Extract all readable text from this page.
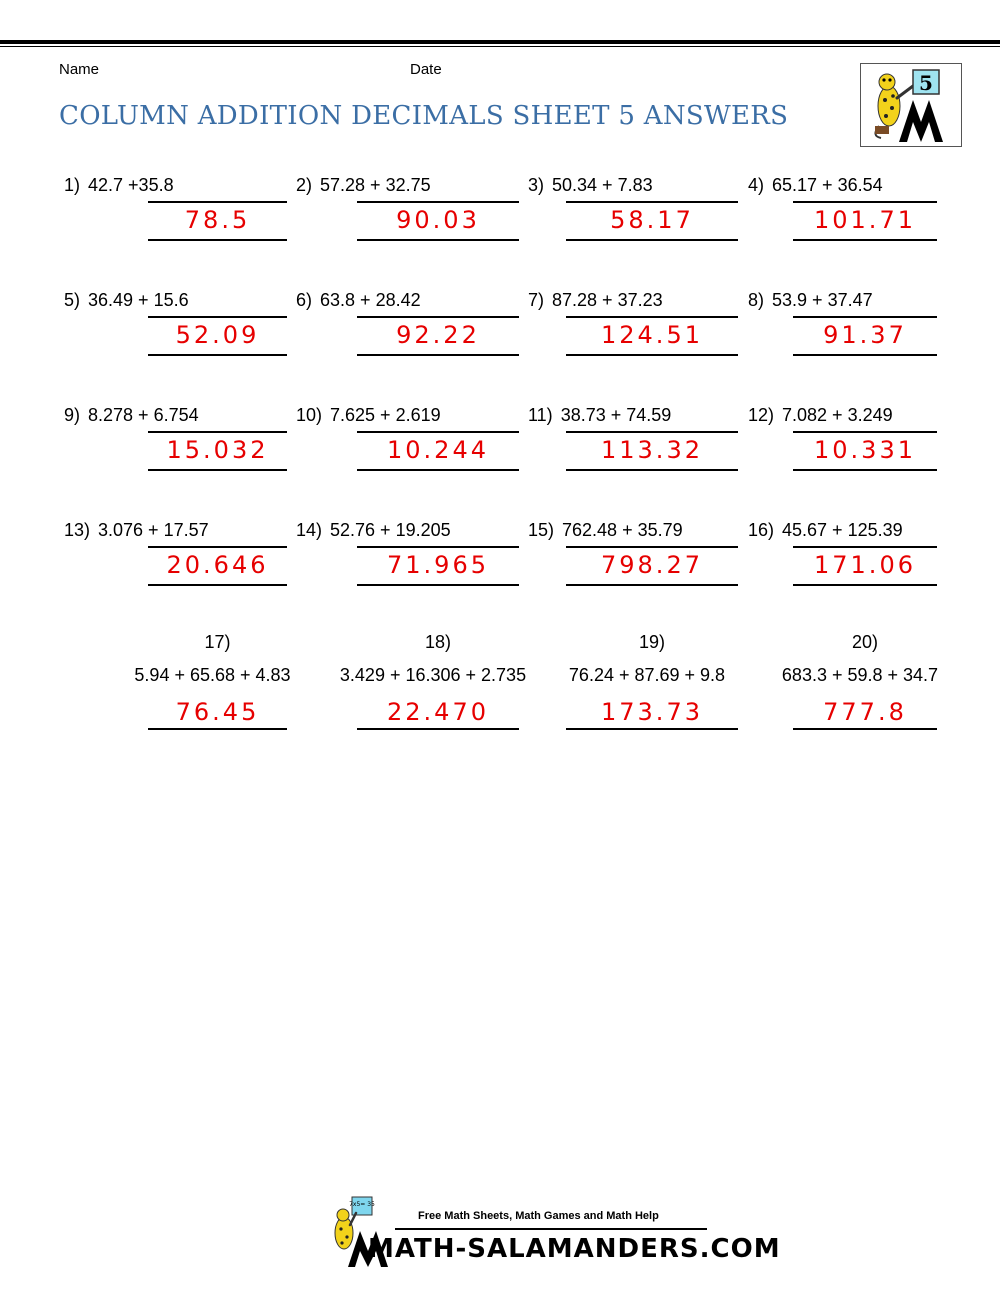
Name	Date
COLUMN ADDITION DECIMALS SHEET 5 ANSWERS
5
1) 42.7 +35.8
78.5
2) 57.28 + 32.75
90.03
3) 50.34 + 7.83
58.17
4) 65.17 + 36.54
101.71
5) 36.49 + 15.6
52.09
6) 63.8 + 28.42
92.22
7) 87.28 + 37.23
124.51
8) 53.9 + 37.47
91.37
9) 8.278 + 6.754
15.032
10) 7.625 + 2.619
10.244
11) 38.73 + 74.59
113.32
12) 7.082 + 3.249
10.331
13) 3.076 + 17.57
20.646
14) 52.76 + 19.205
71.965
15) 762.48 + 35.79
798.27
16) 45.67 + 125.39
171.06
17)
5.94 + 65.68 + 4.83
76.45
18)
3.429 + 16.306 + 2.735
22.470
19)
76.24 + 87.69 + 9.8
173.73
20)
683.3 + 59.8 + 34.7
777.8
7x5= 35
Free Math Sheets, Math Games and Math Help
MATH-SALAMANDERS.COM
